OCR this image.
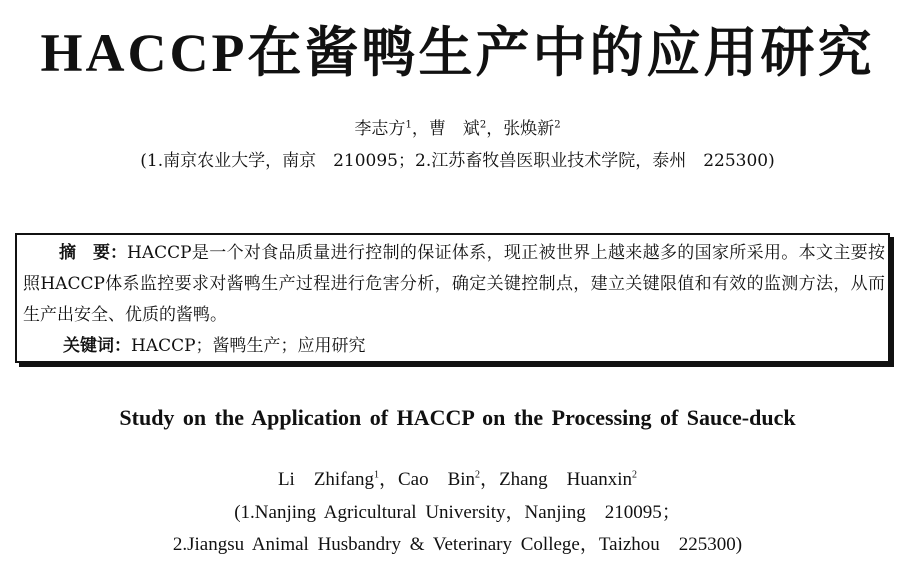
HACCP在酱鸭生产中的应用研究
李志方$^1$，曹　斌$^2$，张焕新$^2$
(1.南京农业大学，南京　210095；2.江苏畜牧兽医职业技术学院，泰州　225300)
摘　要：HACCP是一个对食品质量进行控制的保证体系，现正被世界上越来越多的国家所采用。本文主要按照HACCP体系监控要求对酱鸭生产过程进行危害分析，确定关键控制点，建立关键限值和有效的监测方法，从而生产出安全、优质的酱鸭。
关键词：HACCP；酱鸭生产；应用研究
Study on the Application of HACCP on the Processing of Sauce-duck
Li　Zhifang$^1$，Cao　Bin$^2$，Zhang　Huanxin$^2$
(1.Nanjing Agricultural University，Nanjing　210095；
2.Jiangsu Animal Husbandry & Veterinary College，Taizhou　225300)
